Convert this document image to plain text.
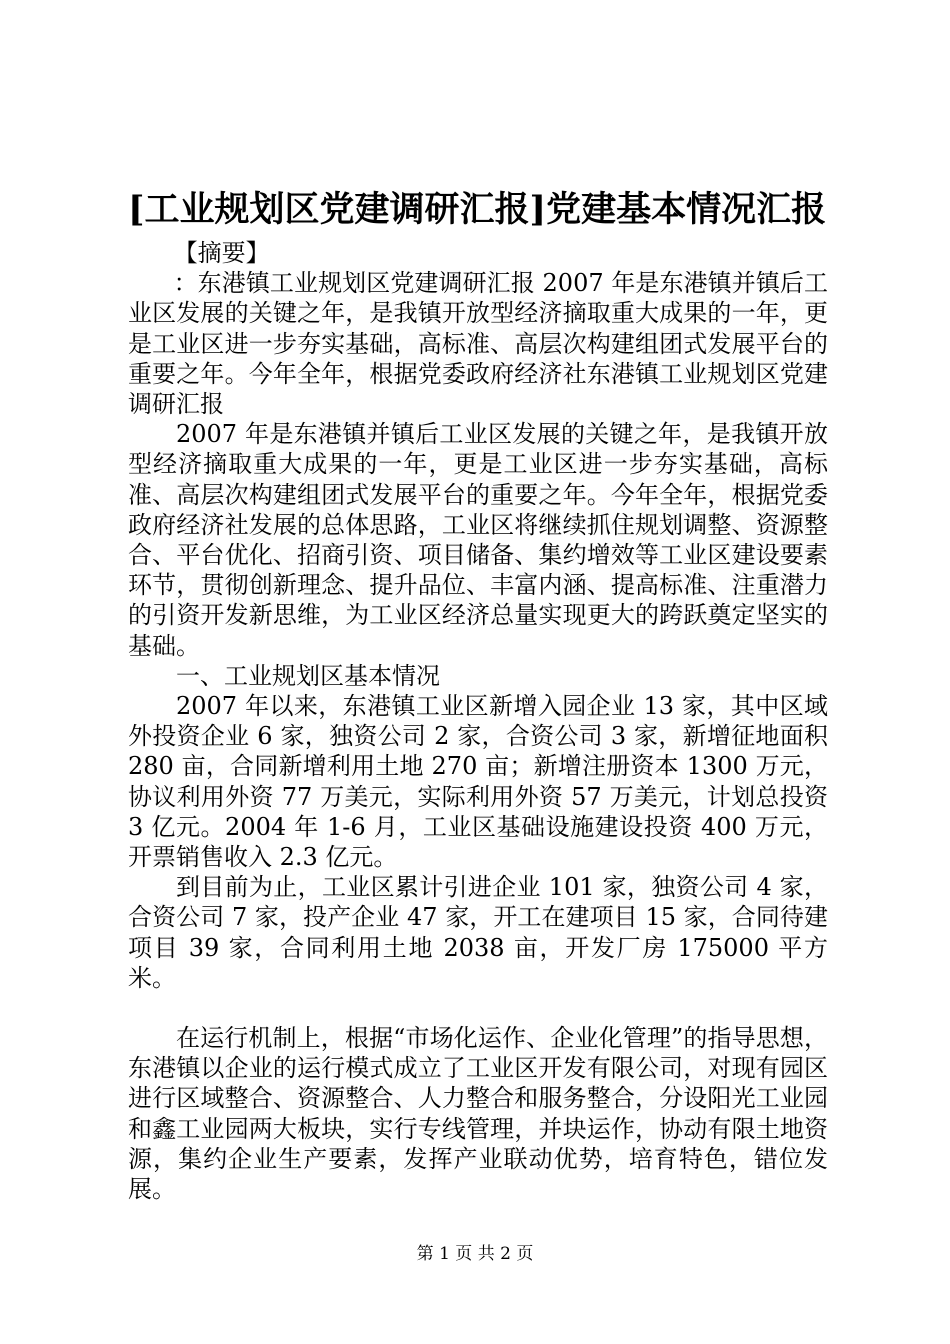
[工业规划区党建调研汇报]党建基本情况汇报

【摘要】

：东港镇工业规划区党建调研汇报 2007 年是东港镇并镇后工业区发展的关键之年，是我镇开放型经济摘取重大成果的一年，更是工业区进一步夯实基础，高标准、高层次构建组团式发展平台的重要之年。今年全年，根据党委政府经济社东港镇工业规划区党建调研汇报

2007 年是东港镇并镇后工业区发展的关键之年，是我镇开放型经济摘取重大成果的一年，更是工业区进一步夯实基础，高标准、高层次构建组团式发展平台的重要之年。今年全年，根据党委政府经济社发展的总体思路，工业区将继续抓住规划调整、资源整合、平台优化、招商引资、项目储备、集约增效等工业区建设要素环节，贯彻创新理念、提升品位、丰富内涵、提高标准、注重潜力的引资开发新思维，为工业区经济总量实现更大的跨跃奠定坚实的基础。

一、工业规划区基本情况

2007 年以来，东港镇工业区新增入园企业 13 家，其中区域外投资企业 6 家，独资公司 2 家，合资公司 3 家，新增征地面积 280 亩，合同新增利用土地 270 亩；新增注册资本 1300 万元，协议利用外资 77 万美元，实际利用外资 57 万美元，计划总投资 3 亿元。2004 年 1-6 月，工业区基础设施建设投资 400 万元，开票销售收入 2.3 亿元。

到目前为止，工业区累计引进企业 101 家，独资公司 4 家，合资公司 7 家，投产企业 47 家，开工在建项目 15 家，合同待建项目 39 家，合同利用土地 2038 亩，开发厂房 175000 平方米。

在运行机制上，根据“市场化运作、企业化管理”的指导思想，东港镇以企业的运行模式成立了工业区开发有限公司，对现有园区进行区域整合、资源整合、人力整合和服务整合，分设阳光工业园和鑫工业园两大板块，实行专线管理，并块运作，协动有限土地资源，集约企业生产要素，发挥产业联动优势，培育特色，错位发展。

第 1 页 共 2 页
